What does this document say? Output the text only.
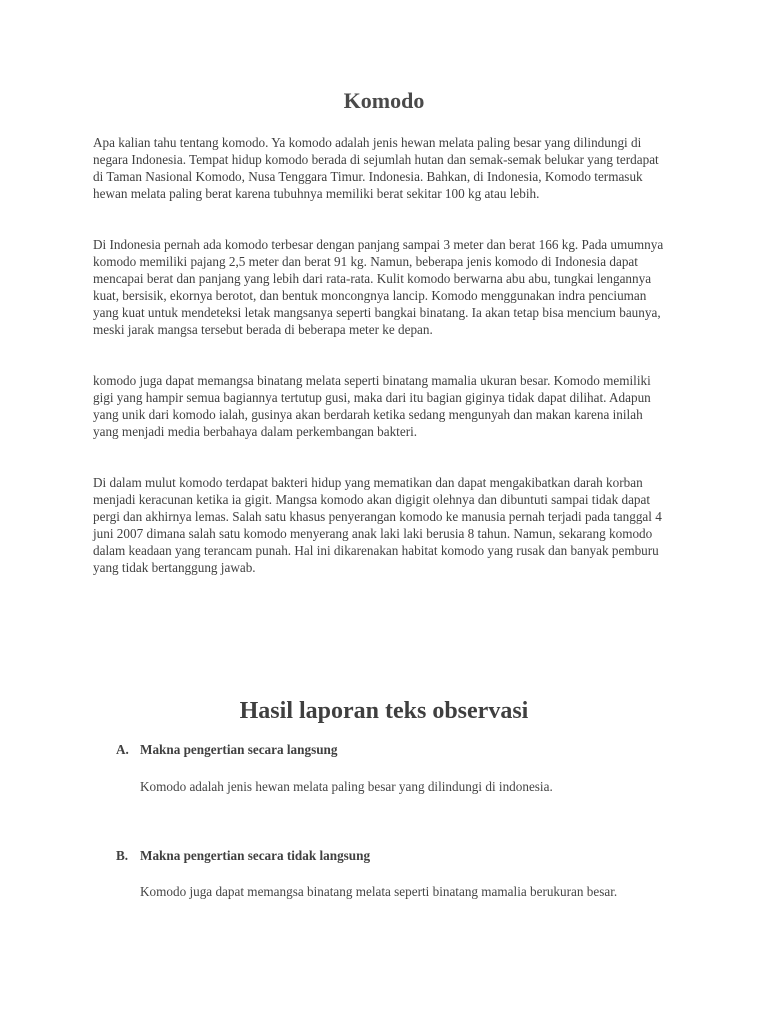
Komodo

Apa kalian tahu tentang komodo. Ya komodo adalah jenis hewan melata paling besar yang dilindungi di negara Indonesia. Tempat hidup komodo berada di sejumlah hutan dan semak-semak belukar yang terdapat di Taman Nasional Komodo, Nusa Tenggara Timur. Indonesia. Bahkan, di Indonesia, Komodo termasuk hewan melata paling berat karena tubuhnya memiliki berat sekitar 100 kg atau lebih.

Di Indonesia pernah ada komodo terbesar dengan panjang sampai 3 meter dan berat 166 kg. Pada umumnya komodo memiliki pajang 2,5 meter dan berat 91 kg. Namun, beberapa jenis komodo di Indonesia dapat mencapai berat dan panjang yang lebih dari rata-rata. Kulit komodo berwarna abu abu, tungkai lengannya kuat, bersisik, ekornya berotot, dan bentuk moncongnya lancip. Komodo menggunakan indra penciuman yang kuat untuk mendeteksi letak mangsanya seperti bangkai binatang. Ia akan tetap bisa mencium baunya, meski jarak mangsa tersebut berada di beberapa meter ke depan.

komodo juga dapat memangsa binatang melata seperti binatang mamalia ukuran besar. Komodo memiliki gigi yang hampir semua bagiannya tertutup gusi, maka dari itu bagian giginya tidak dapat dilihat. Adapun yang unik dari komodo ialah, gusinya akan berdarah ketika sedang mengunyah dan makan karena inilah yang menjadi media berbahaya dalam perkembangan bakteri.

Di dalam mulut komodo terdapat bakteri hidup yang mematikan dan dapat mengakibatkan darah korban menjadi keracunan ketika ia gigit. Mangsa komodo akan digigit olehnya dan dibuntuti sampai tidak dapat pergi dan akhirnya lemas. Salah satu khasus penyerangan komodo ke manusia pernah terjadi pada tanggal 4 juni 2007 dimana salah satu komodo menyerang anak laki laki berusia 8 tahun. Namun, sekarang komodo dalam keadaan yang terancam punah. Hal ini dikarenakan habitat komodo yang rusak dan banyak pemburu yang tidak bertanggung jawab.

Hasil laporan teks observasi
A. Makna pengertian secara langsung

Komodo adalah jenis hewan melata paling besar yang dilindungi di indonesia.

B. Makna pengertian secara tidak langsung

Komodo juga dapat memangsa binatang melata seperti binatang mamalia berukuran besar.
